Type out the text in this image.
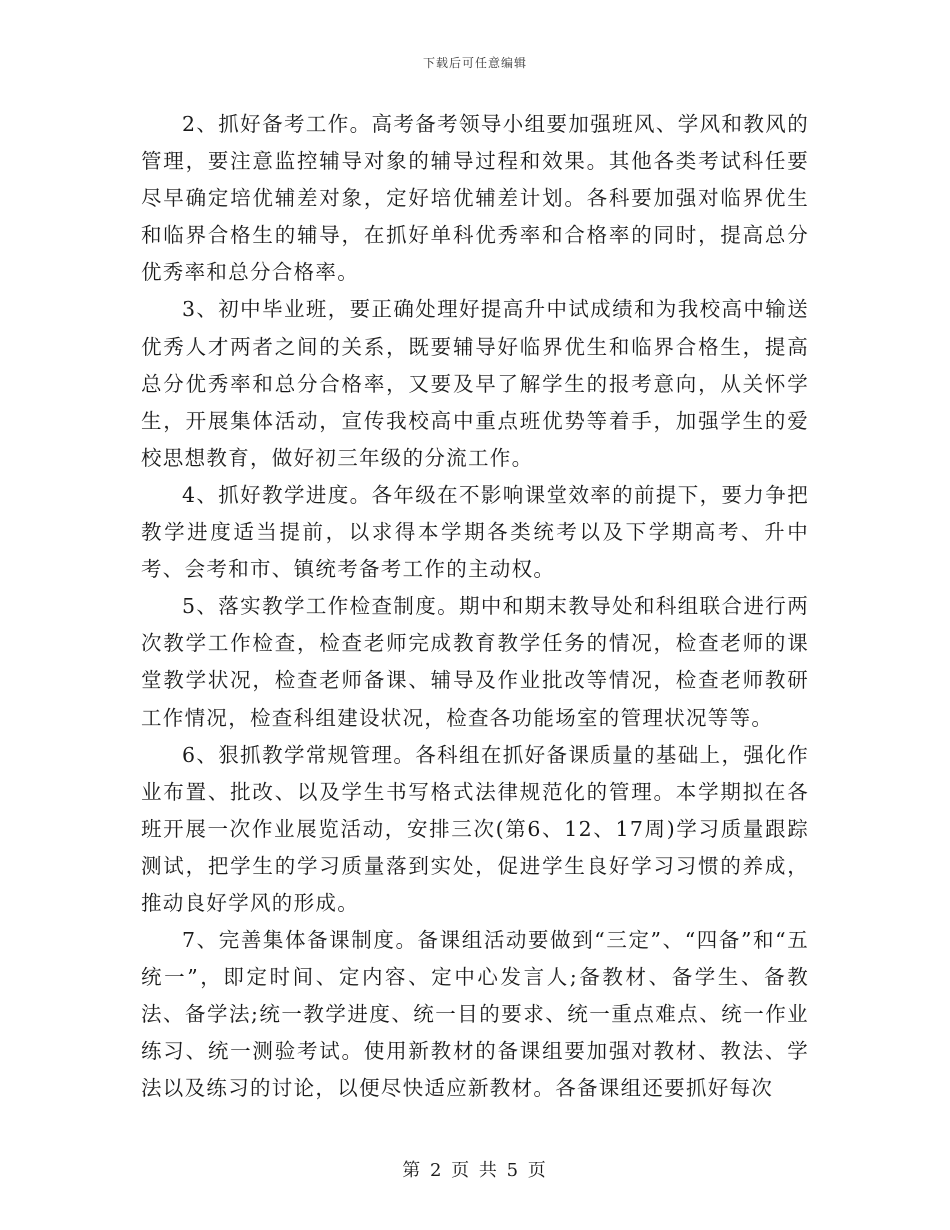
下载后可任意编辑

2、抓好备考工作。高考备考领导小组要加强班风、学风和教风的管理，要注意监控辅导对象的辅导过程和效果。其他各类考试科任要尽早确定培优辅差对象，定好培优辅差计划。各科要加强对临界优生和临界合格生的辅导，在抓好单科优秀率和合格率的同时，提高总分优秀率和总分合格率。

3、初中毕业班，要正确处理好提高升中试成绩和为我校高中输送优秀人才两者之间的关系，既要辅导好临界优生和临界合格生，提高总分优秀率和总分合格率，又要及早了解学生的报考意向，从关怀学生，开展集体活动，宣传我校高中重点班优势等着手，加强学生的爱校思想教育，做好初三年级的分流工作。

4、抓好教学进度。各年级在不影响课堂效率的前提下，要力争把教学进度适当提前，以求得本学期各类统考以及下学期高考、升中考、会考和市、镇统考备考工作的主动权。

5、落实教学工作检查制度。期中和期末教导处和科组联合进行两次教学工作检查，检查老师完成教育教学任务的情况，检查老师的课堂教学状况，检查老师备课、辅导及作业批改等情况，检查老师教研工作情况，检查科组建设状况，检查各功能场室的管理状况等等。

6、狠抓教学常规管理。各科组在抓好备课质量的基础上，强化作业布置、批改、以及学生书写格式法律规范化的管理。本学期拟在各班开展一次作业展览活动，安排三次(第6、12、17周)学习质量跟踪测试，把学生的学习质量落到实处，促进学生良好学习习惯的养成，推动良好学风的形成。

7、完善集体备课制度。备课组活动要做到“三定”、“四备”和“五统一”，即定时间、定内容、定中心发言人;备教材、备学生、备教法、备学法;统一教学进度、统一目的要求、统一重点难点、统一作业练习、统一测验考试。使用新教材的备课组要加强对教材、教法、学法以及练习的讨论，以便尽快适应新教材。各备课组还要抓好每次

第 2 页 共 5 页
